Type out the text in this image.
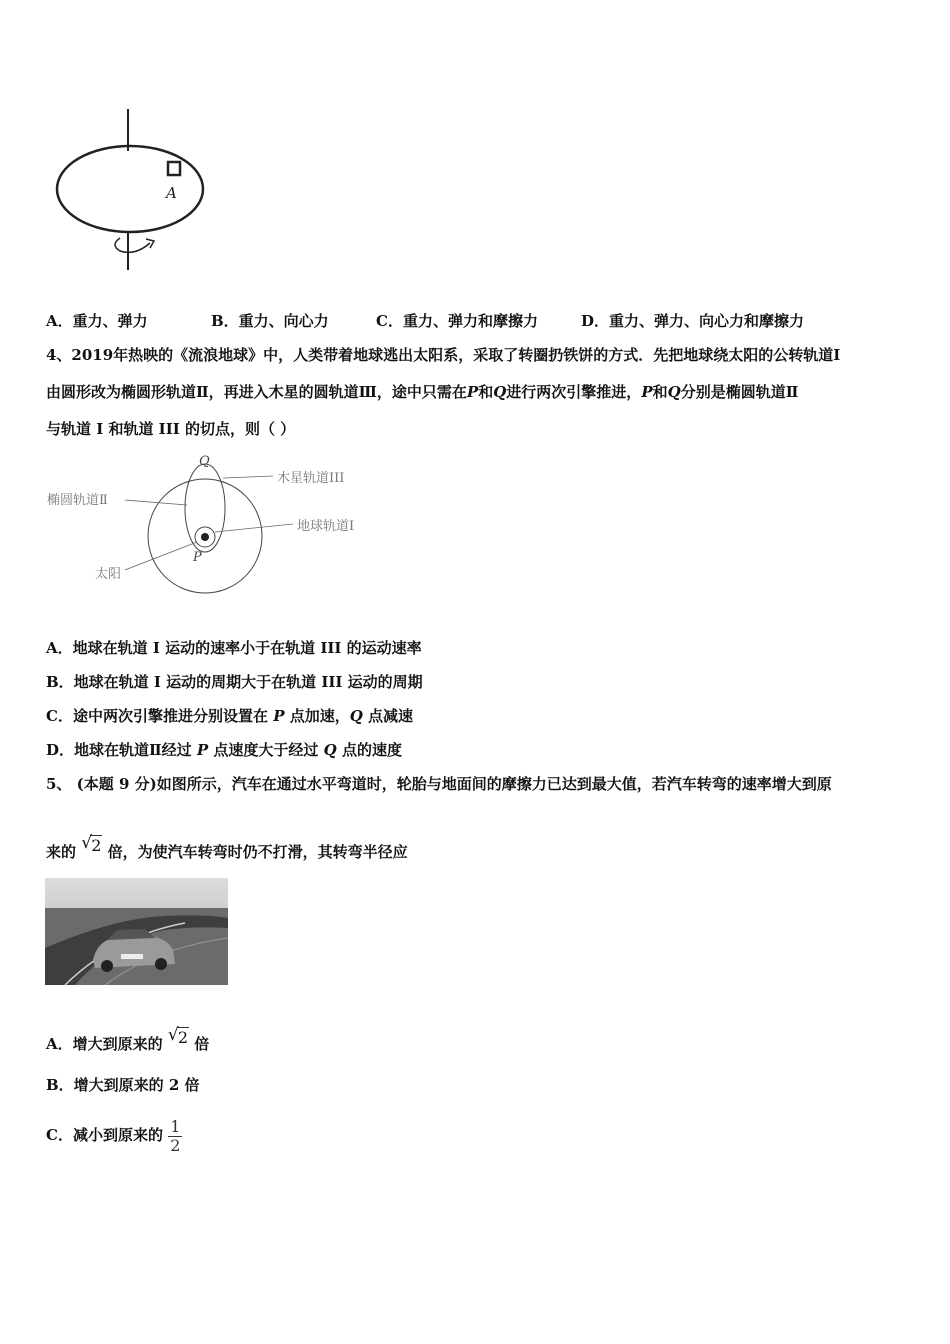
A
A．重力、弹力	B．重力、向心力	C．重力、弹力和摩擦力	D．重力、弹力、向心力和摩擦力
4、2019年热映的《流浪地球》中，人类带着地球逃出太阳系，采取了转圈扔铁饼的方式．先把地球绕太阳的公转轨道I
由圆形改为椭圆形轨道Ⅱ，再进入木星的圆轨道Ⅲ，途中只需在P和Q进行两次引擎推进，P和Q分别是椭圆轨道Ⅱ
与轨道 I 和轨道 III 的切点，则（ ）
Q
P
木星轨道III
椭圆轨道Ⅱ
地球轨道Ⅰ
太阳
A．地球在轨道 I 运动的速率小于在轨道 III 的运动速率
B．地球在轨道 I 运动的周期大于在轨道 III 运动的周期
C．途中两次引擎推进分别设置在 P 点加速，Q 点减速
D．地球在轨道Ⅱ经过 P 点速度大于经过 Q 点的速度
5、 (本题 9 分)如图所示，汽车在通过水平弯道时，轮胎与地面间的摩擦力已达到最大值，若汽车转弯的速率增大到原
来的 √ 2 倍，为使汽车转弯时仍不打滑，其转弯半径应
A．增大到原来的 √ 2 倍
B．增大到原来的 2 倍
C．减小到原来的 $\frac{1}{2}$
